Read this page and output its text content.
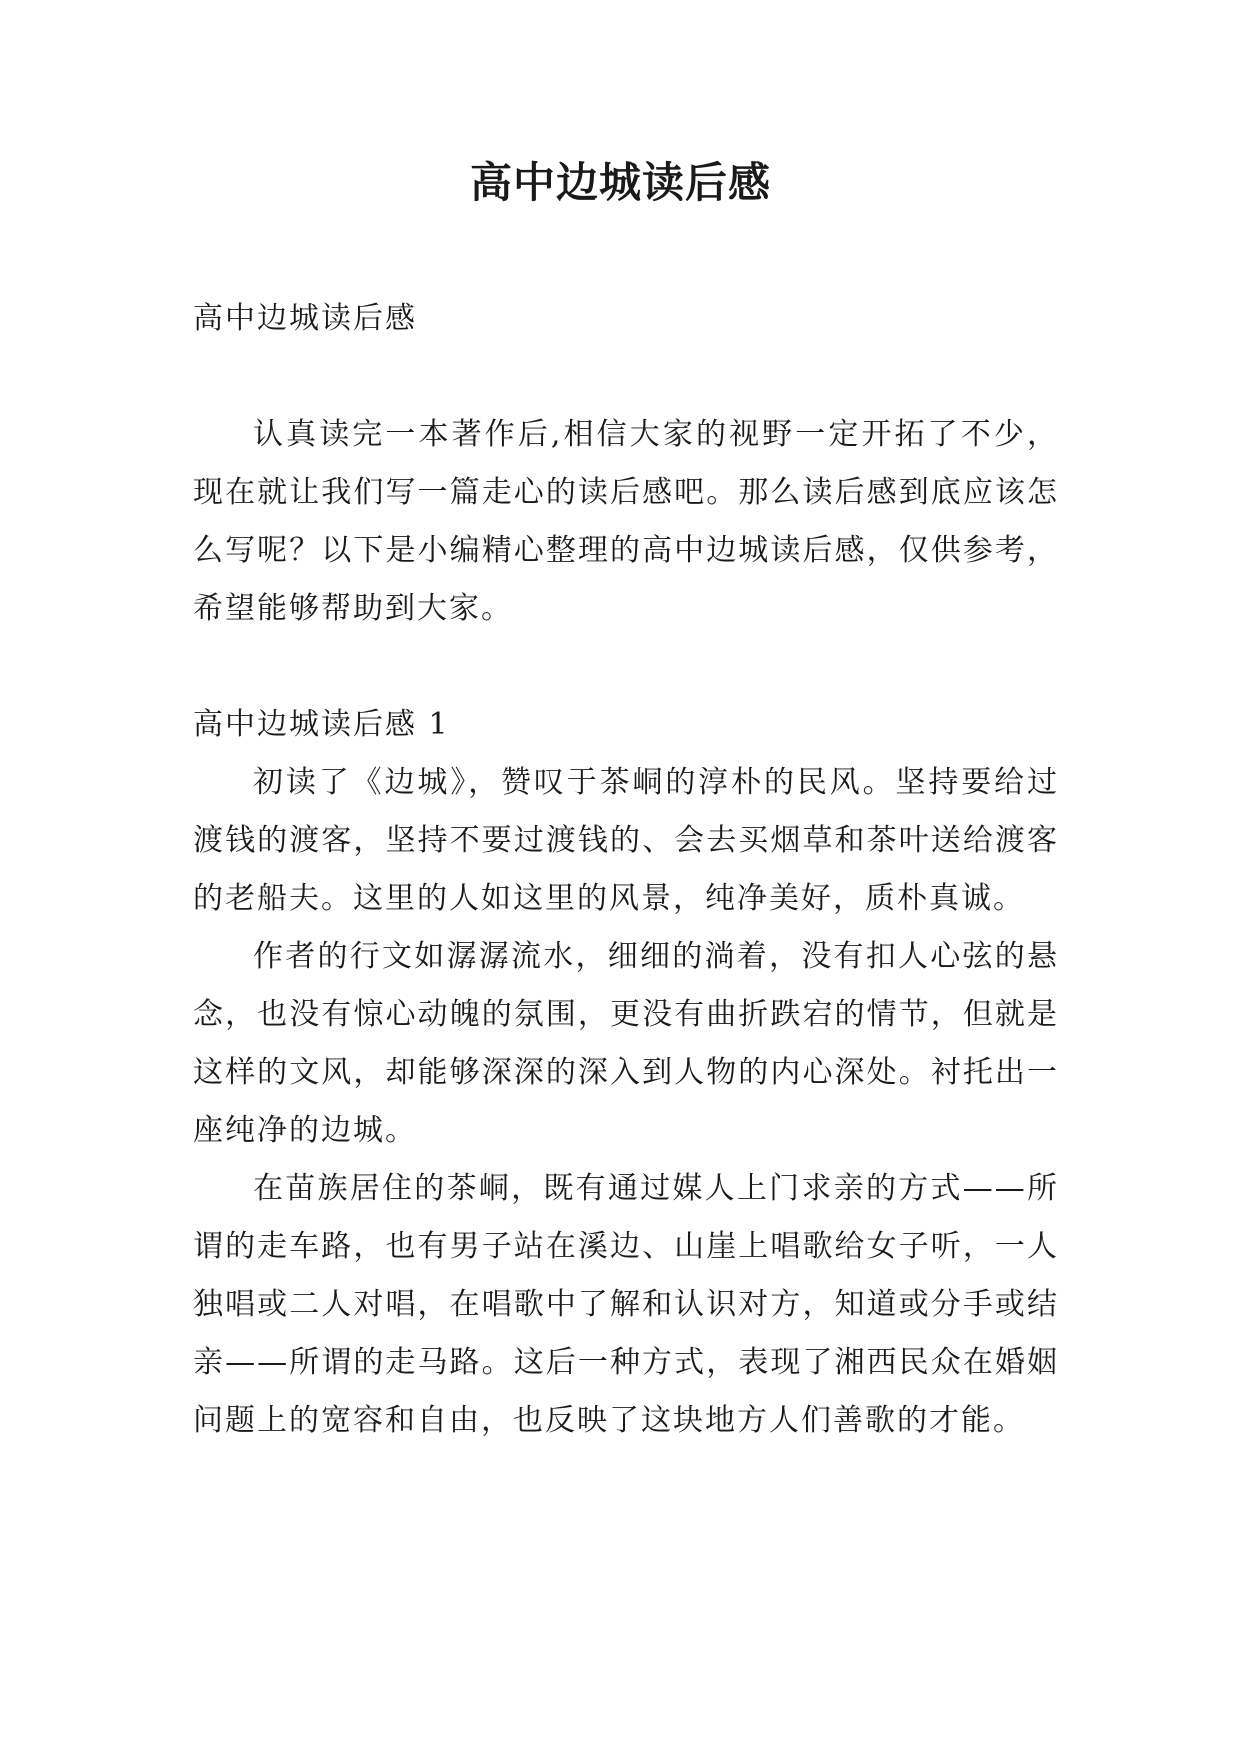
高中边城读后感

高中边城读后感

认真读完一本著作后,相信大家的视野一定开拓了不少，现在就让我们写一篇走心的读后感吧。那么读后感到底应该怎么写呢？以下是小编精心整理的高中边城读后感，仅供参考，希望能够帮助到大家。

高中边城读后感 1

初读了《边城》，赞叹于茶峒的淳朴的民风。坚持要给过渡钱的渡客，坚持不要过渡钱的、会去买烟草和茶叶送给渡客的老船夫。这里的人如这里的风景，纯净美好，质朴真诚。

作者的行文如潺潺流水，细细的淌着，没有扣人心弦的悬念，也没有惊心动魄的氛围，更没有曲折跌宕的情节，但就是这样的文风，却能够深深的深入到人物的内心深处。衬托出一座纯净的边城。

在苗族居住的茶峒，既有通过媒人上门求亲的方式——所谓的走车路，也有男子站在溪边、山崖上唱歌给女子听，一人独唱或二人对唱，在唱歌中了解和认识对方，知道或分手或结亲——所谓的走马路。这后一种方式，表现了湘西民众在婚姻问题上的宽容和自由，也反映了这块地方人们善歌的才能。
